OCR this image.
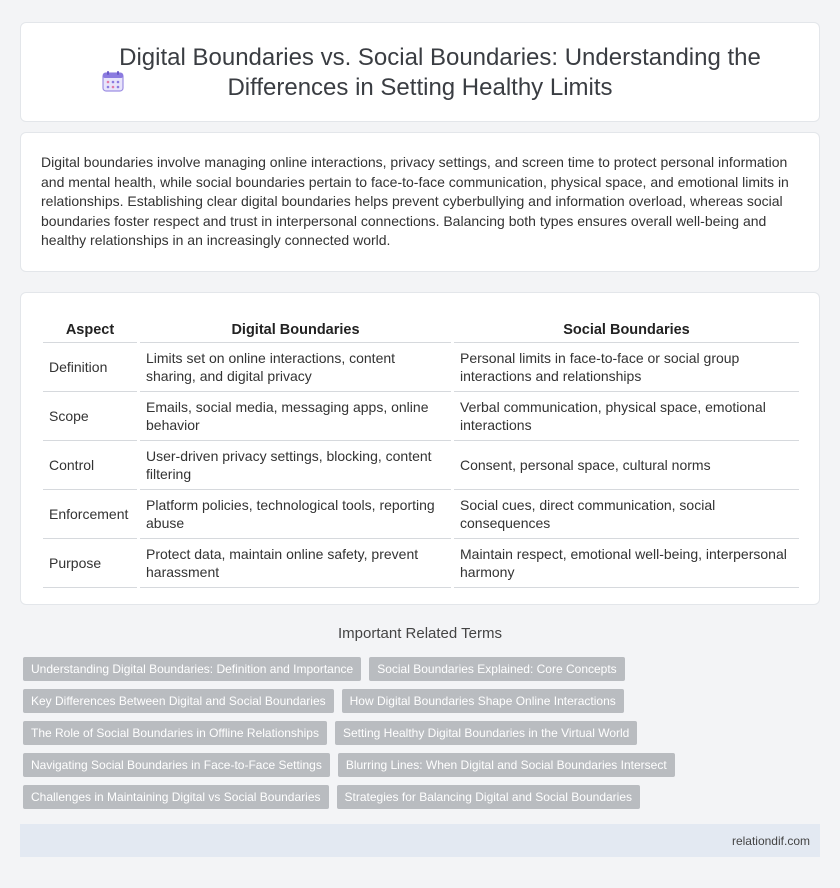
Digital Boundaries vs. Social Boundaries: Understanding the
Differences in Setting Healthy Limits

Digital boundaries involve managing online interactions, privacy settings, and screen time to protect personal information and mental health, while social boundaries pertain to face-to-face communication, physical space, and emotional limits in relationships. Establishing clear digital boundaries helps prevent cyberbullying and information overload, whereas social boundaries foster respect and trust in interpersonal connections. Balancing both types ensures overall well-being and healthy relationships in an increasingly connected world.

Aspect		Digital Boundaries		Social Boundaries
Definition		Limits set on online interactions, content sharing, and digital privacy		Personal limits in face-to-face or social group interactions and relationships
Scope		Emails, social media, messaging apps, online behavior		Verbal communication, physical space, emotional interactions
Control		User-driven privacy settings, blocking, content filtering		Consent, personal space, cultural norms
Enforcement		Platform policies, technological tools, reporting abuse		Social cues, direct communication, social consequences
Purpose		Protect data, maintain online safety, prevent harassment		Maintain respect, emotional well-being, interpersonal harmony
Important Related Terms
Understanding Digital Boundaries: Definition and Importance	Social Boundaries Explained: Core Concepts
Key Differences Between Digital and Social Boundaries	How Digital Boundaries Shape Online Interactions
The Role of Social Boundaries in Offline Relationships	Setting Healthy Digital Boundaries in the Virtual World
Navigating Social Boundaries in Face-to-Face Settings	Blurring Lines: When Digital and Social Boundaries Intersect
Challenges in Maintaining Digital vs Social Boundaries	Strategies for Balancing Digital and Social Boundaries
relationdif.com
